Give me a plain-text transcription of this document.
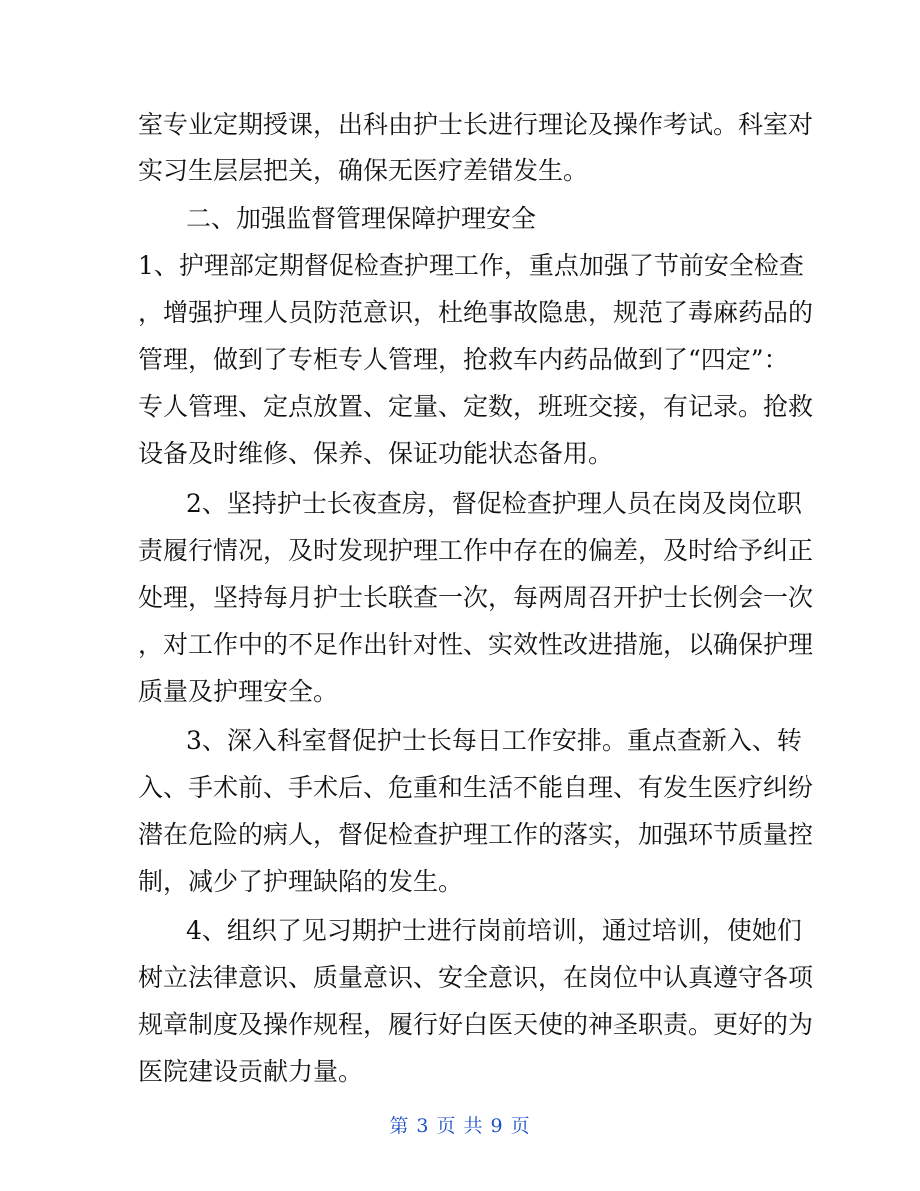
室专业定期授课，出科由护士长进行理论及操作考试。科室对
实习生层层把关，确保无医疗差错发生。
二、加强监督管理保障护理安全
1、护理部定期督促检查护理工作，重点加强了节前安全检查
，增强护理人员防范意识，杜绝事故隐患，规范了毒麻药品的
管理，做到了专柜专人管理，抢救车内药品做到了“四定”：
专人管理、定点放置、定量、定数，班班交接，有记录。抢救
设备及时维修、保养、保证功能状态备用。
2、坚持护士长夜查房，督促检查护理人员在岗及岗位职
责履行情况，及时发现护理工作中存在的偏差，及时给予纠正
处理，坚持每月护士长联查一次，每两周召开护士长例会一次
，对工作中的不足作出针对性、实效性改进措施，以确保护理
质量及护理安全。
3、深入科室督促护士长每日工作安排。重点查新入、转
入、手术前、手术后、危重和生活不能自理、有发生医疗纠纷
潜在危险的病人，督促检查护理工作的落实，加强环节质量控
制，减少了护理缺陷的发生。
4、组织了见习期护士进行岗前培训，通过培训，使她们
树立法律意识、质量意识、安全意识，在岗位中认真遵守各项
规章制度及操作规程，履行好白医天使的神圣职责。更好的为
医院建设贡献力量。
第 3 页 共 9 页
